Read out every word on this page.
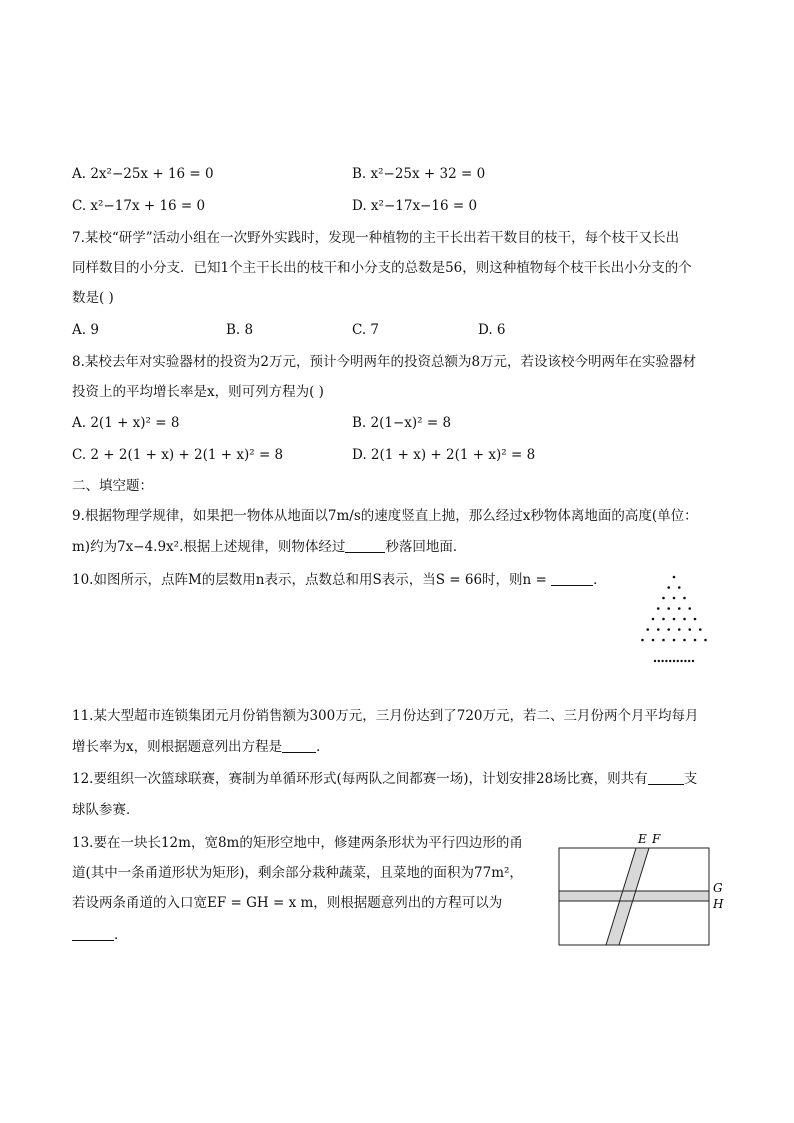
A. 2x²−25x + 16 = 0	B. x²−25x + 32 = 0
C. x²−17x + 16 = 0	D. x²−17x−16 = 0
7.某校“研学”活动小组在一次野外实践时，发现一种植物的主干长出若干数目的枝干，每个枝干又长出
同样数目的小分支．已知1个主干长出的枝干和小分支的总数是56，则这种植物每个枝干长出小分支的个
数是( )
A. 9	B. 8	C. 7	D. 6
8.某校去年对实验器材的投资为2万元，预计今明两年的投资总额为8万元，若设该校今明两年在实验器材
投资上的平均增长率是x，则可列方程为( )
A. 2(1 + x)² = 8	B. 2(1−x)² = 8
C. 2 + 2(1 + x) + 2(1 + x)² = 8	D. 2(1 + x) + 2(1 + x)² = 8
二、填空题：
9.根据物理学规律，如果把一物体从地面以7m/s的速度竖直上抛，那么经过x秒物体离地面的高度(单位：
m)约为7x−4.9x².根据上述规律，则物体经过	秒落回地面．
10.如图所示，点阵M的层数用n表示，点数总和用S表示，当S = 66时，则n =	．
11.某大型超市连锁集团元月份销售额为300万元，三月份达到了720万元，若二、三月份两个月平均每月
增长率为x，则根据题意列出方程是	．
12.要组织一次篮球联赛，赛制为单循环形式(每两队之间都赛一场)，计划安排28场比赛，则共有	支
球队参赛．
13.要在一块长12m，宽8m的矩形空地中，修建两条形状为平行四边形的甬
道(其中一条甬道形状为矩形)，剩余部分栽种蔬菜，且菜地的面积为77m²，
若设两条甬道的入口宽EF = GH = x m，则根据题意列出的方程可以为
．
E F
G
H
